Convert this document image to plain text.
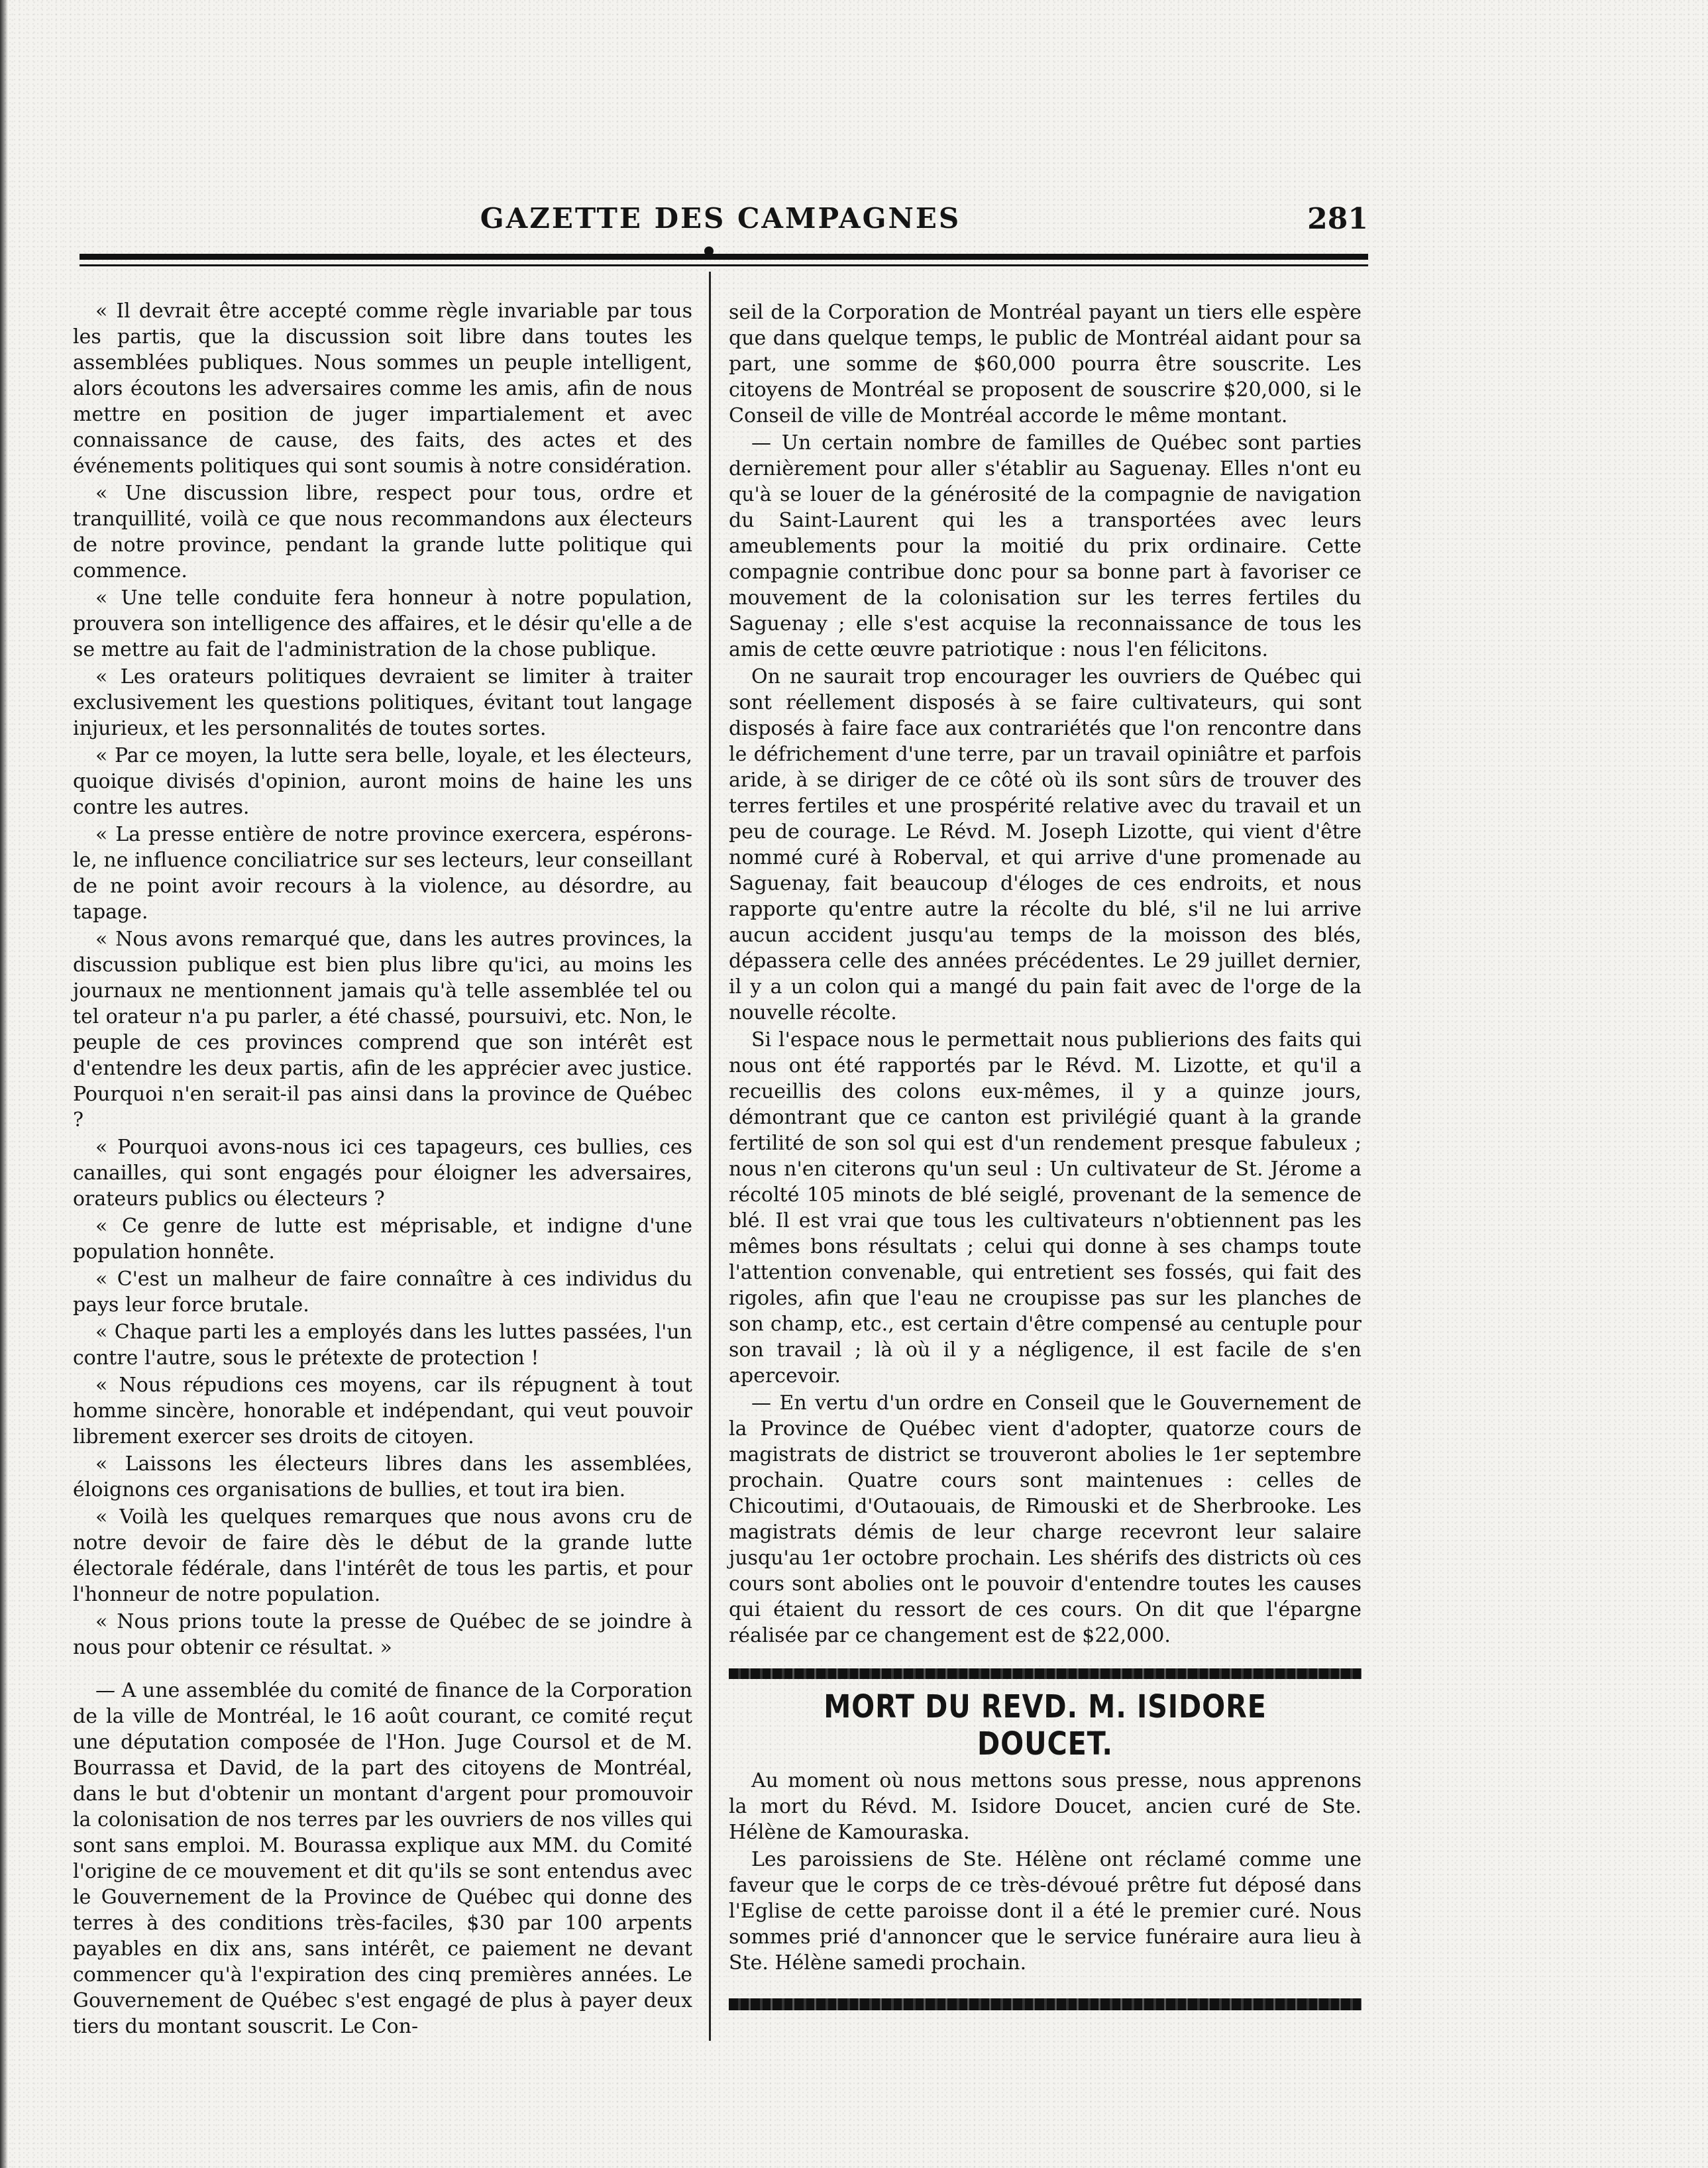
GAZETTE DES CAMPAGNES	281

« Il devrait être accepté comme règle invariable par tous les partis, que la discussion soit libre dans toutes les assemblées publiques. Nous sommes un peuple intelligent, alors écoutons les adversaires comme les amis, afin de nous mettre en position de juger impartialement et avec connaissance de cause, des faits, des actes et des événements politiques qui sont soumis à notre considération.

« Une discussion libre, respect pour tous, ordre et tranquillité, voilà ce que nous recommandons aux électeurs de notre province, pendant la grande lutte politique qui commence.

« Une telle conduite fera honneur à notre population, prouvera son intelligence des affaires, et le désir qu'elle a de se mettre au fait de l'administration de la chose publique.

« Les orateurs politiques devraient se limiter à traiter exclusivement les questions politiques, évitant tout langage injurieux, et les personnalités de toutes sortes.

« Par ce moyen, la lutte sera belle, loyale, et les électeurs, quoique divisés d'opinion, auront moins de haine les uns contre les autres.

« La presse entière de notre province exercera, espérons-le, ne influence conciliatrice sur ses lecteurs, leur conseillant de ne point avoir recours à la violence, au désordre, au tapage.

« Nous avons remarqué que, dans les autres provinces, la discussion publique est bien plus libre qu'ici, au moins les journaux ne mentionnent jamais qu'à telle assemblée tel ou tel orateur n'a pu parler, a été chassé, poursuivi, etc. Non, le peuple de ces provinces comprend que son intérêt est d'entendre les deux partis, afin de les apprécier avec justice. Pourquoi n'en serait-il pas ainsi dans la province de Québec ?

« Pourquoi avons-nous ici ces tapageurs, ces bullies, ces canailles, qui sont engagés pour éloigner les adversaires, orateurs publics ou électeurs ?

« Ce genre de lutte est méprisable, et indigne d'une population honnête.

« C'est un malheur de faire connaître à ces individus du pays leur force brutale.

« Chaque parti les a employés dans les luttes passées, l'un contre l'autre, sous le prétexte de protection !

« Nous répudions ces moyens, car ils répugnent à tout homme sincère, honorable et indépendant, qui veut pouvoir librement exercer ses droits de citoyen.

« Laissons les électeurs libres dans les assemblées, éloignons ces organisations de bullies, et tout ira bien.

« Voilà les quelques remarques que nous avons cru de notre devoir de faire dès le début de la grande lutte électorale fédérale, dans l'intérêt de tous les partis, et pour l'honneur de notre population.

« Nous prions toute la presse de Québec de se joindre à nous pour obtenir ce résultat. »

— A une assemblée du comité de finance de la Corporation de la ville de Montréal, le 16 août courant, ce comité reçut une députation composée de l'Hon. Juge Coursol et de M. Bourrassa et David, de la part des citoyens de Montréal, dans le but d'obtenir un montant d'argent pour promouvoir la colonisation de nos terres par les ouvriers de nos villes qui sont sans emploi. M. Bourassa explique aux MM. du Comité l'origine de ce mouvement et dit qu'ils se sont entendus avec le Gouvernement de la Province de Québec qui donne des terres à des conditions très-faciles, $30 par 100 arpents payables en dix ans, sans intérêt, ce paiement ne devant commencer qu'à l'expiration des cinq premières années. Le Gouvernement de Québec s'est engagé de plus à payer deux tiers du montant souscrit. Le Con-

seil de la Corporation de Montréal payant un tiers elle espère que dans quelque temps, le public de Montréal aidant pour sa part, une somme de $60,000 pourra être souscrite. Les citoyens de Montréal se proposent de souscrire $20,000, si le Conseil de ville de Montréal accorde le même montant.

— Un certain nombre de familles de Québec sont parties dernièrement pour aller s'établir au Saguenay. Elles n'ont eu qu'à se louer de la générosité de la compagnie de navigation du Saint-Laurent qui les a transportées avec leurs ameublements pour la moitié du prix ordinaire. Cette compagnie contribue donc pour sa bonne part à favoriser ce mouvement de la colonisation sur les terres fertiles du Saguenay ; elle s'est acquise la reconnaissance de tous les amis de cette œuvre patriotique : nous l'en félicitons.

On ne saurait trop encourager les ouvriers de Québec qui sont réellement disposés à se faire cultivateurs, qui sont disposés à faire face aux contrariétés que l'on rencontre dans le défrichement d'une terre, par un travail opiniâtre et parfois aride, à se diriger de ce côté où ils sont sûrs de trouver des terres fertiles et une prospérité relative avec du travail et un peu de courage. Le Révd. M. Joseph Lizotte, qui vient d'être nommé curé à Roberval, et qui arrive d'une promenade au Saguenay, fait beaucoup d'éloges de ces endroits, et nous rapporte qu'entre autre la récolte du blé, s'il ne lui arrive aucun accident jusqu'au temps de la moisson des blés, dépassera celle des années précédentes. Le 29 juillet dernier, il y a un colon qui a mangé du pain fait avec de l'orge de la nouvelle récolte.

Si l'espace nous le permettait nous publierions des faits qui nous ont été rapportés par le Révd. M. Lizotte, et qu'il a recueillis des colons eux-mêmes, il y a quinze jours, démontrant que ce canton est privilégié quant à la grande fertilité de son sol qui est d'un rendement presque fabuleux ; nous n'en citerons qu'un seul : Un cultivateur de St. Jérome a récolté 105 minots de blé seiglé, provenant de la semence de blé. Il est vrai que tous les cultivateurs n'obtiennent pas les mêmes bons résultats ; celui qui donne à ses champs toute l'attention convenable, qui entretient ses fossés, qui fait des rigoles, afin que l'eau ne croupisse pas sur les planches de son champ, etc., est certain d'être compensé au centuple pour son travail ; là où il y a négligence, il est facile de s'en apercevoir.

— En vertu d'un ordre en Conseil que le Gouvernement de la Province de Québec vient d'adopter, quatorze cours de magistrats de district se trouveront abolies le 1er septembre prochain. Quatre cours sont maintenues : celles de Chicoutimi, d'Outaouais, de Rimouski et de Sherbrooke. Les magistrats démis de leur charge recevront leur salaire jusqu'au 1er octobre prochain. Les shérifs des districts où ces cours sont abolies ont le pouvoir d'entendre toutes les causes qui étaient du ressort de ces cours. On dit que l'épargne réalisée par ce changement est de $22,000.

MORT DU REVD. M. ISIDORE DOUCET.

Au moment où nous mettons sous presse, nous apprenons la mort du Révd. M. Isidore Doucet, ancien curé de Ste. Hélène de Kamouraska.

Les paroissiens de Ste. Hélène ont réclamé comme une faveur que le corps de ce très-dévoué prêtre fut déposé dans l'Eglise de cette paroisse dont il a été le premier curé. Nous sommes prié d'annoncer que le service funéraire aura lieu à Ste. Hélène samedi prochain.
